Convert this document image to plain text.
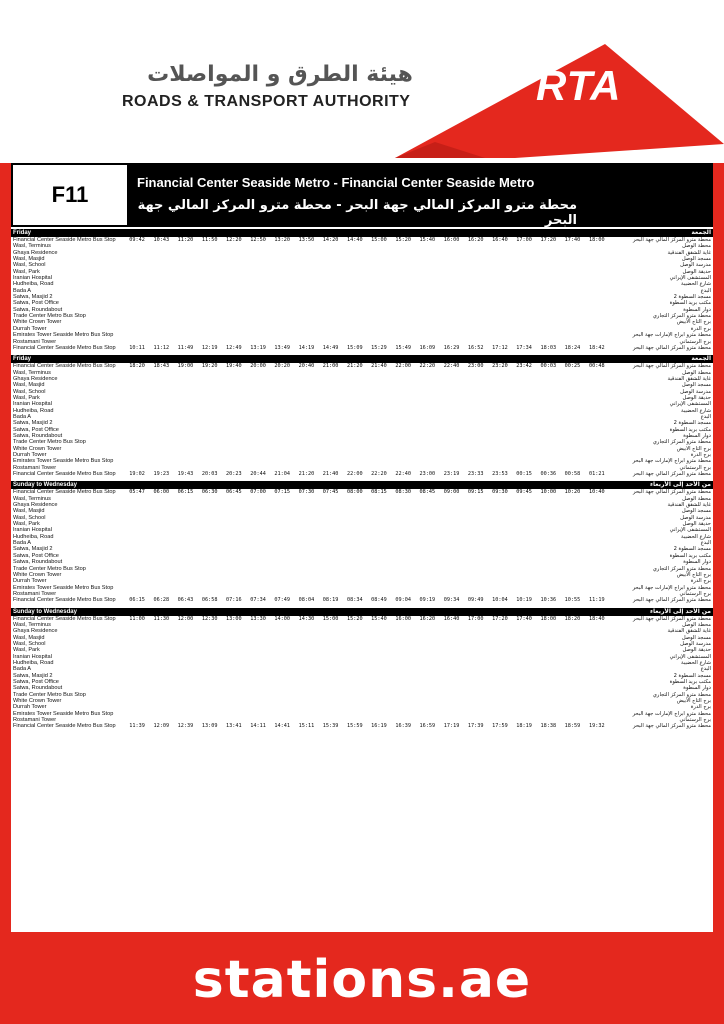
هيئة الطرق و المواصلات
ROADS & TRANSPORT AUTHORITY	RTA
F11	Financial Center Seaside Metro - Financial Center Seaside Metro
محطة مترو المركز المالي جهة البحر - محطة مترو المركز المالي جهة البحر
Friday																					الجمعة
Financial Center Seaside Metro Bus Stop	09:42	10:43	11:20	11:50	12:20	12:50	13:20	13:50	14:20	14:40	15:00	15:20	15:40	16:00	16:20	16:40	17:00	17:20	17:40	18:00	محطة مترو المركز المالي جهة البحر
Wasl, Terminus																					محطة الوصل
Ghaya Residence																					غاية للشقق الفندقية
Wasl, Masjid																					مسجد الوصل
Wasl, School																					مدرسة الوصل
Wasl, Park																					حديقة الوصل
Iranian Hospital																					المستشفى الإيراني
Hudheiba, Road																					شارع الحضيبة
Bada A																					البدع
Satwa, Masjid 2																					مسجد السطوة 2
Satwa, Post Office																					مكتب بريد السطوة
Satwa, Roundabout																					دوار السطوة
Trade Center Metro Bus Stop																					محطة مترو المركز التجاري
White Crown Tower																					برج التاج الأبيض
Durrah Tower																					برج الدرة
Emirates Tower Seaside Metro Bus Stop																					محطة مترو أبراج الإمارات جهة البحر
Rostamani Tower																					برج الرستماني
Financial Center Seaside Metro Bus Stop	10:11	11:12	11:49	12:19	12:49	13:19	13:49	14:19	14:49	15:09	15:29	15:49	16:09	16:29	16:52	17:12	17:34	18:03	18:24	18:42	محطة مترو المركز المالي جهة البحر

Friday																					الجمعة
Financial Center Seaside Metro Bus Stop	18:20	18:43	19:00	19:20	19:40	20:00	20:20	20:40	21:00	21:20	21:40	22:00	22:20	22:40	23:00	23:20	23:42	00:03	00:25	00:48	محطة مترو المركز المالي جهة البحر
Wasl, Terminus																					محطة الوصل
Ghaya Residence																					غاية للشقق الفندقية
Wasl, Masjid																					مسجد الوصل
Wasl, School																					مدرسة الوصل
Wasl, Park																					حديقة الوصل
Iranian Hospital																					المستشفى الإيراني
Hudheiba, Road																					شارع الحضيبة
Bada A																					البدع
Satwa, Masjid 2																					مسجد السطوة 2
Satwa, Post Office																					مكتب بريد السطوة
Satwa, Roundabout																					دوار السطوة
Trade Center Metro Bus Stop																					محطة مترو المركز التجاري
White Crown Tower																					برج التاج الأبيض
Durrah Tower																					برج الدرة
Emirates Tower Seaside Metro Bus Stop																					محطة مترو أبراج الإمارات جهة البحر
Rostamani Tower																					برج الرستماني
Financial Center Seaside Metro Bus Stop	19:02	19:23	19:43	20:03	20:23	20:44	21:04	21:20	21:40	22:00	22:20	22:40	23:00	23:19	23:33	23:53	00:15	00:36	00:58	01:21	محطة مترو المركز المالي جهة البحر

Sunday to Wednesday																					من الأحد إلى الأربعاء
Financial Center Seaside Metro Bus Stop	05:47	06:00	06:15	06:30	06:45	07:00	07:15	07:30	07:45	08:00	08:15	08:30	08:45	09:00	09:15	09:30	09:45	10:00	10:20	10:40	محطة مترو المركز المالي جهة البحر
Wasl, Terminus																					محطة الوصل
Ghaya Residence																					غاية للشقق الفندقية
Wasl, Masjid																					مسجد الوصل
Wasl, School																					مدرسة الوصل
Wasl, Park																					حديقة الوصل
Iranian Hospital																					المستشفى الإيراني
Hudheiba, Road																					شارع الحضيبة
Bada A																					البدع
Satwa, Masjid 2																					مسجد السطوة 2
Satwa, Post Office																					مكتب بريد السطوة
Satwa, Roundabout																					دوار السطوة
Trade Center Metro Bus Stop																					محطة مترو المركز التجاري
White Crown Tower																					برج التاج الأبيض
Durrah Tower																					برج الدرة
Emirates Tower Seaside Metro Bus Stop																					محطة مترو أبراج الإمارات جهة البحر
Rostamani Tower																					برج الرستماني
Financial Center Seaside Metro Bus Stop	06:15	06:28	06:43	06:58	07:16	07:34	07:49	08:04	08:19	08:34	08:49	09:04	09:19	09:34	09:49	10:04	10:19	10:36	10:55	11:19	محطة مترو المركز المالي جهة البحر

Sunday to Wednesday																					من الأحد إلى الأربعاء
Financial Center Seaside Metro Bus Stop	11:00	11:30	12:00	12:30	13:00	13:30	14:00	14:30	15:00	15:20	15:40	16:00	16:20	16:40	17:00	17:20	17:40	18:00	18:20	18:40	محطة مترو المركز المالي جهة البحر
Wasl, Terminus																					محطة الوصل
Ghaya Residence																					غاية للشقق الفندقية
Wasl, Masjid																					مسجد الوصل
Wasl, School																					مدرسة الوصل
Wasl, Park																					حديقة الوصل
Iranian Hospital																					المستشفى الإيراني
Hudheiba, Road																					شارع الحضيبة
Bada A																					البدع
Satwa, Masjid 2																					مسجد السطوة 2
Satwa, Post Office																					مكتب بريد السطوة
Satwa, Roundabout																					دوار السطوة
Trade Center Metro Bus Stop																					محطة مترو المركز التجاري
White Crown Tower																					برج التاج الأبيض
Durrah Tower																					برج الدرة
Emirates Tower Seaside Metro Bus Stop																					محطة مترو أبراج الإمارات جهة البحر
Rostamani Tower																					برج الرستماني
Financial Center Seaside Metro Bus Stop	11:39	12:09	12:39	13:09	13:41	14:11	14:41	15:11	15:39	15:59	16:19	16:39	16:59	17:19	17:39	17:59	18:19	18:38	18:59	19:32	محطة مترو المركز المالي جهة البحر

stations.ae
